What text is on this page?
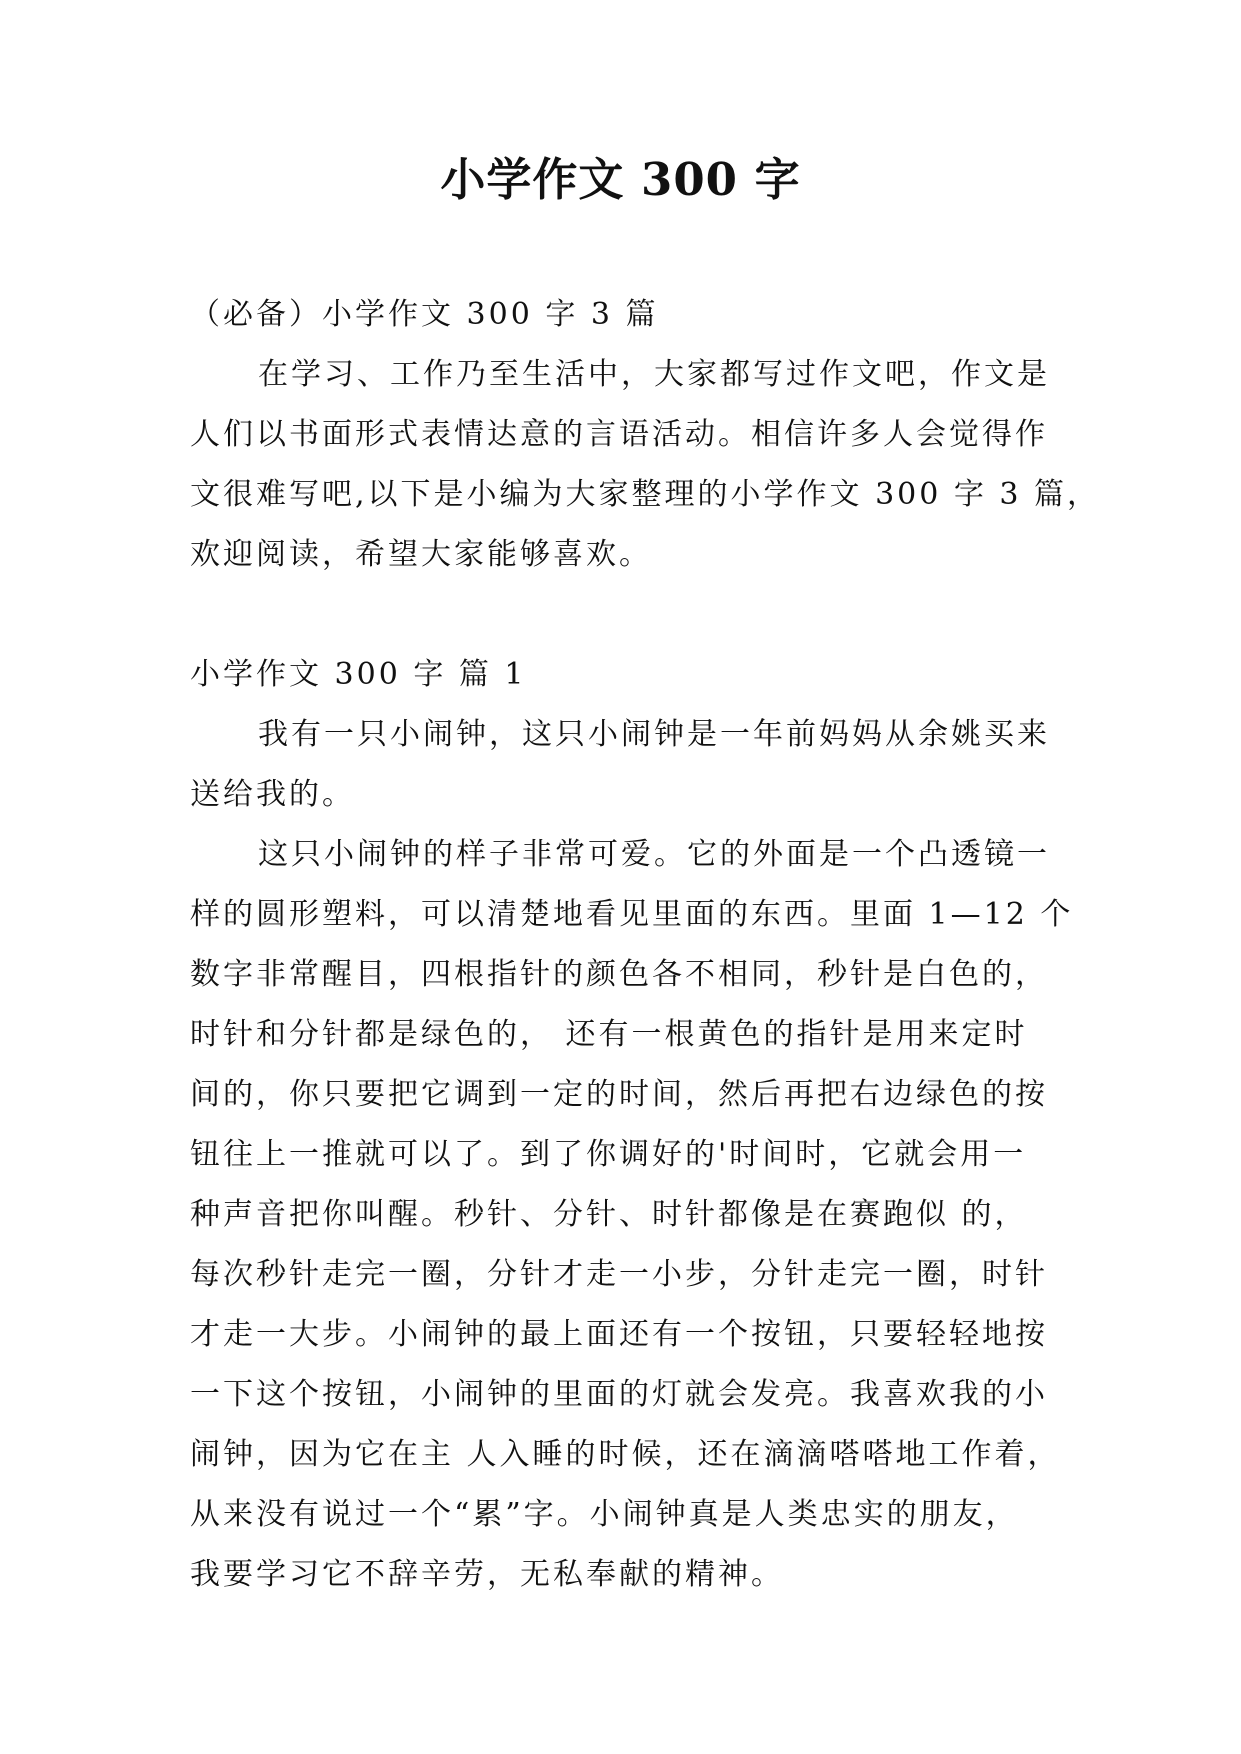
小学作文 300 字
（必备）小学作文 300 字 3 篇
在学习、工作乃至生活中，大家都写过作文吧，作文是
人们以书面形式表情达意的言语活动。相信许多人会觉得作
文很难写吧,以下是小编为大家整理的小学作文 300 字 3 篇，
欢迎阅读，希望大家能够喜欢。
小学作文 300 字 篇 1
我有一只小闹钟，这只小闹钟是一年前妈妈从余姚买来
送给我的。
这只小闹钟的样子非常可爱。它的外面是一个凸透镜一
样的圆形塑料，可以清楚地看见里面的东西。里面 1—12 个
数字非常醒目，四根指针的颜色各不相同，秒针是白色的，
时针和分针都是绿色的， 还有一根黄色的指针是用来定时
间的，你只要把它调到一定的时间，然后再把右边绿色的按
钮往上一推就可以了。到了你调好的'时间时，它就会用一
种声音把你叫醒。秒针、分针、时针都像是在赛跑似 的，
每次秒针走完一圈，分针才走一小步，分针走完一圈，时针
才走一大步。小闹钟的最上面还有一个按钮，只要轻轻地按
一下这个按钮，小闹钟的里面的灯就会发亮。我喜欢我的小
闹钟，因为它在主 人入睡的时候，还在滴滴嗒嗒地工作着，
从来没有说过一个“累”字。小闹钟真是人类忠实的朋友，
我要学习它不辞辛劳，无私奉献的精神。
